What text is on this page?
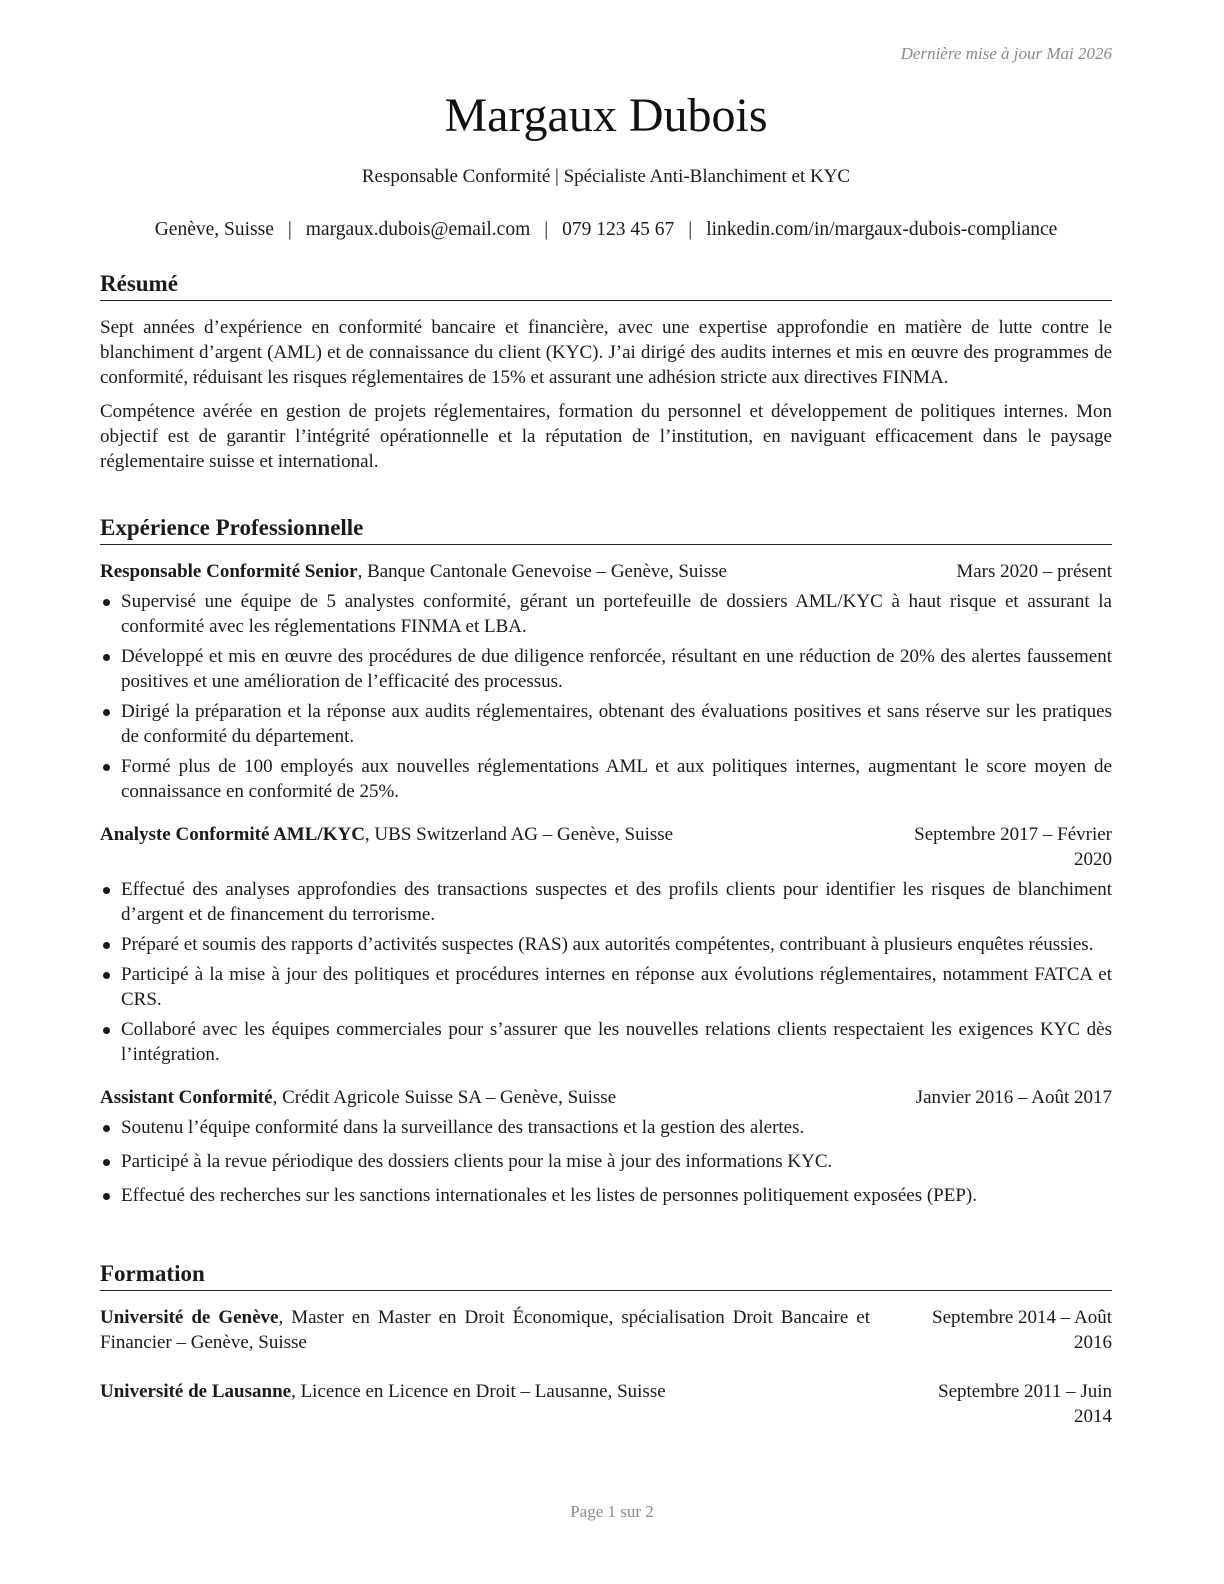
Dernière mise à jour Mai 2026
Margaux Dubois
Responsable Conformité | Spécialiste Anti-Blanchiment et KYC
Genève, Suisse | margaux.dubois@email.com | 079 123 45 67 | linkedin.com/in/margaux-dubois-compliance
Résumé

Sept années d’expérience en conformité bancaire et financière, avec une expertise approfondie en matière de lutte contre le blanchiment d’argent (AML) et de connaissance du client (KYC). J’ai dirigé des audits internes et mis en œuvre des programmes de conformité, réduisant les risques réglementaires de 15% et assurant une adhésion stricte aux directives FINMA.

Compétence avérée en gestion de projets réglementaires, formation du personnel et développement de politiques internes. Mon objectif est de garantir l’intégrité opérationnelle et la réputation de l’institution, en naviguant efficacement dans le paysage réglementaire suisse et international.

Expérience Professionnelle
Responsable Conformité Senior, Banque Cantonale Genevoise – Genève, Suisse	Mars 2020 – présent
Supervisé une équipe de 5 analystes conformité, gérant un portefeuille de dossiers AML/KYC à haut risque et assurant la conformité avec les réglementations FINMA et LBA.
Développé et mis en œuvre des procédures de due diligence renforcée, résultant en une réduction de 20% des alertes faussement positives et une amélioration de l’efficacité des processus.
Dirigé la préparation et la réponse aux audits réglementaires, obtenant des évaluations positives et sans réserve sur les pratiques de conformité du département.
Formé plus de 100 employés aux nouvelles réglementations AML et aux politiques internes, augmentant le score moyen de connaissance en conformité de 25%.
Analyste Conformité AML/KYC, UBS Switzerland AG – Genève, Suisse	Septembre 2017 – Février
2020
Effectué des analyses approfondies des transactions suspectes et des profils clients pour identifier les risques de blanchiment d’argent et de financement du terrorisme.
Préparé et soumis des rapports d’activités suspectes (RAS) aux autorités compétentes, contribuant à plusieurs enquêtes réussies.
Participé à la mise à jour des politiques et procédures internes en réponse aux évolutions réglementaires, notamment FATCA et CRS.
Collaboré avec les équipes commerciales pour s’assurer que les nouvelles relations clients respectaient les exigences KYC dès l’intégration.
Assistant Conformité, Crédit Agricole Suisse SA – Genève, Suisse	Janvier 2016 – Août 2017
Soutenu l’équipe conformité dans la surveillance des transactions et la gestion des alertes.
Participé à la revue périodique des dossiers clients pour la mise à jour des informations KYC.
Effectué des recherches sur les sanctions internationales et les listes de personnes politiquement exposées (PEP).
Formation
Université de Genève, Master en Master en Droit Économique, spécialisation Droit Bancaire et Financier – Genève, Suisse
Septembre 2014 – Août
2016
Université de Lausanne, Licence en Licence en Droit – Lausanne, Suisse	Septembre 2011 – Juin
2014
Page 1 sur 2
